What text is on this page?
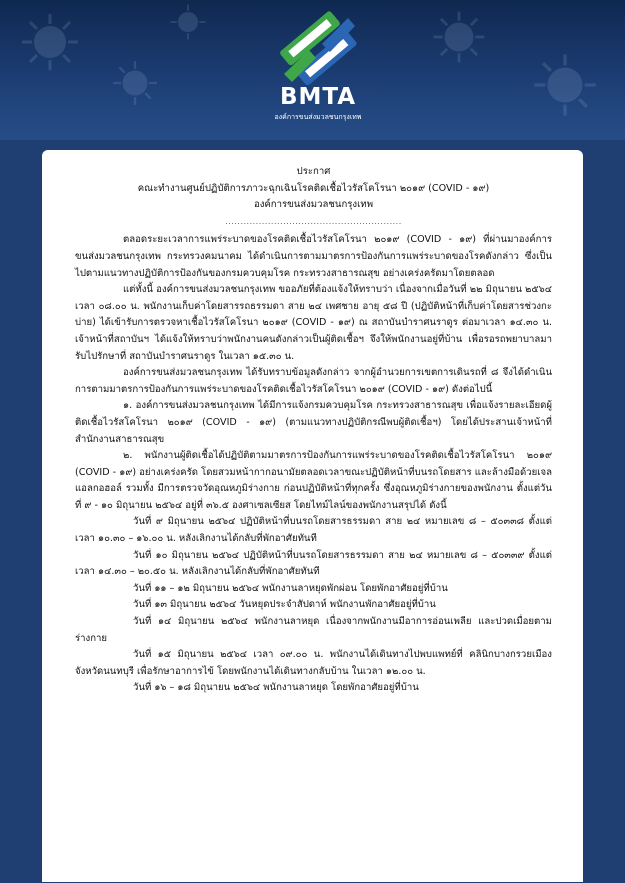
BMTA
องค์การขนส่งมวลชนกรุงเทพ
ประกาศ
คณะทำงานศูนย์ปฏิบัติการภาวะฉุกเฉินโรคติดเชื้อไวรัสโคโรนา ๒๐๑๙ (COVID - ๑๙)
องค์การขนส่งมวลชนกรุงเทพ
..........................................................

ตลอดระยะเวลาการแพร่ระบาดของโรคติดเชื้อไวรัสโคโรนา ๒๐๑๙ (COVID - ๑๙) ที่ผ่านมาองค์การขนส่งมวลชนกรุงเทพ กระทรวงคมนาคม ได้ดำเนินการตามมาตรการป้องกันการแพร่ระบาดของโรคดังกล่าว ซึ่งเป็นไปตามแนวทางปฏิบัติการป้องกันของกรมควบคุมโรค กระทรวงสาธารณสุข อย่างเคร่งครัดมาโดยตลอด

แต่ทั้งนี้ องค์การขนส่งมวลชนกรุงเทพ ขออภัยที่ต้องแจ้งให้ทราบว่า เนื่องจากเมื่อวันที่ ๒๒ มิถุนายน ๒๕๖๔ เวลา ๐๘.๐๐ น. พนักงานเก็บค่าโดยสารรถธรรมดา สาย ๒๔ เพศชาย อายุ ๕๘ ปี (ปฏิบัติหน้าที่เก็บค่าโดยสารช่วงกะบ่าย) ได้เข้ารับการตรวจหาเชื้อไวรัสโคโรนา ๒๐๑๙ (COVID - ๑๙) ณ สถาบันบำราศนราดูร ต่อมาเวลา ๑๔.๓๐ น. เจ้าหน้าที่สถาบันฯ ได้แจ้งให้ทราบว่าพนักงานคนดังกล่าวเป็นผู้ติดเชื้อฯ จึงให้พนักงานอยู่ที่บ้าน เพื่อรอรถพยาบาลมารับไปรักษาที่ สถาบันบำราศนราดูร ในเวลา ๑๕.๓๐ น.

องค์การขนส่งมวลชนกรุงเทพ ได้รับทราบข้อมูลดังกล่าว จากผู้อำนวยการเขตการเดินรถที่ ๘ จึงได้ดำเนินการตามมาตรการป้องกันการแพร่ระบาดของโรคติดเชื้อไวรัสโคโรนา ๒๐๑๙ (COVID - ๑๙) ดังต่อไปนี้

๑. องค์การขนส่งมวลชนกรุงเทพ ได้มีการแจ้งกรมควบคุมโรค กระทรวงสาธารณสุข เพื่อแจ้งรายละเอียดผู้ติดเชื้อไวรัสโคโรนา ๒๐๑๙ (COVID - ๑๙) (ตามแนวทางปฏิบัติกรณีพบผู้ติดเชื้อฯ) โดยได้ประสานเจ้าหน้าที่สำนักงานสาธารณสุข

๒. พนักงานผู้ติดเชื้อได้ปฏิบัติตามมาตรการป้องกันการแพร่ระบาดของโรคติดเชื้อไวรัสโคโรนา ๒๐๑๙ (COVID - ๑๙) อย่างเคร่งครัด โดยสวมหน้ากากอนามัยตลอดเวลาขณะปฏิบัติหน้าที่บนรถโดยสาร และล้างมือด้วยเจลแอลกอฮอล์ รวมทั้ง มีการตรวจวัดอุณหภูมิร่างกาย ก่อนปฏิบัติหน้าที่ทุกครั้ง ซึ่งอุณหภูมิร่างกายของพนักงาน ตั้งแต่วันที่ ๙ - ๑๐ มิถุนายน ๒๕๖๔ อยู่ที่ ๓๖.๕ องศาเซลเซียส โดยไทม์ไลน์ของพนักงานสรุปได้ ดังนี้

วันที่ ๙ มิถุนายน ๒๕๖๔ ปฏิบัติหน้าที่บนรถโดยสารธรรมดา สาย ๒๔ หมายเลข ๘ – ๕๐๓๓๘ ตั้งแต่เวลา ๑๐.๓๐ – ๑๖.๐๐ น. หลังเลิกงานได้กลับที่พักอาศัยทันที

วันที่ ๑๐ มิถุนายน ๒๕๖๔ ปฏิบัติหน้าที่บนรถโดยสารธรรมดา สาย ๒๔ หมายเลข ๘ – ๕๐๓๓๙ ตั้งแต่เวลา ๑๔.๓๐ – ๒๐.๕๐ น. หลังเลิกงานได้กลับที่พักอาศัยทันที

วันที่ ๑๑ – ๑๒ มิถุนายน ๒๕๖๔ พนักงานลาหยุดพักผ่อน โดยพักอาศัยอยู่ที่บ้าน

วันที่ ๑๓ มิถุนายน ๒๕๖๔ วันหยุดประจำสัปดาห์ พนักงานพักอาศัยอยู่ที่บ้าน

วันที่ ๑๔ มิถุนายน ๒๕๖๔ พนักงานลาหยุด เนื่องจากพนักงานมีอาการอ่อนเพลีย และปวดเมื่อยตามร่างกาย

วันที่ ๑๕ มิถุนายน ๒๕๖๔ เวลา ๐๙.๐๐ น. พนักงานได้เดินทางไปพบแพทย์ที่ คลินิกบางกรวยเมือง จังหวัดนนทบุรี เพื่อรักษาอาการไข้ โดยพนักงานได้เดินทางกลับบ้าน ในเวลา ๑๒.๐๐ น.

วันที่ ๑๖ – ๑๘ มิถุนายน ๒๕๖๔ พนักงานลาหยุด โดยพักอาศัยอยู่ที่บ้าน
